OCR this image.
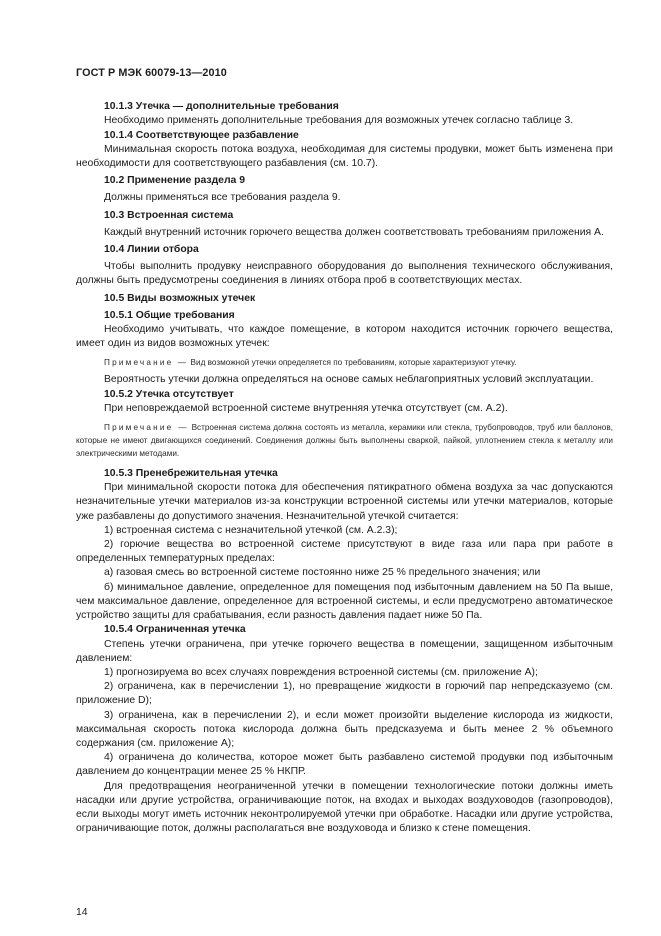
ГОСТ Р МЭК 60079-13—2010

10.1.3 Утечка — дополнительные требования

Необходимо применять дополнительные требования для возможных утечек согласно таблице 3.

10.1.4 Соответствующее разбавление

Минимальная скорость потока воздуха, необходимая для системы продувки, может быть изменена при необходимости для соответствующего разбавления (см. 10.7).

10.2 Применение раздела 9

Должны применяться все требования раздела 9.

10.3 Встроенная система

Каждый внутренний источник горючего вещества должен соответствовать требованиям приложения А.

10.4 Линии отбора

Чтобы выполнить продувку неисправного оборудования до выполнения технического обслуживания, должны быть предусмотрены соединения в линиях отбора проб в соответствующих местах.

10.5 Виды возможных утечек

10.5.1 Общие требования

Необходимо учитывать, что каждое помещение, в котором находится источник горючего вещества, имеет один из видов возможных утечек:

Примечание — Вид возможной утечки определяется по требованиям, которые характеризуют утечку.

Вероятность утечки должна определяться на основе самых неблагоприятных условий эксплуатации.

10.5.2 Утечка отсутствует

При неповреждаемой встроенной системе внутренняя утечка отсутствует (см. А.2).

Примечание — Встроенная система должна состоять из металла, керамики или стекла, трубопроводов, труб или баллонов, которые не имеют двигающихся соединений. Соединения должны быть выполнены сваркой, пайкой, уплотнением стекла к металлу или электрическими методами.

10.5.3 Пренебрежительная утечка

При минимальной скорости потока для обеспечения пятикратного обмена воздуха за час допускаются незначительные утечки материалов из-за конструкции встроенной системы или утечки материалов, которые уже разбавлены до допустимого значения. Незначительной утечкой считается:

1) встроенная система с незначительной утечкой (см. А.2.3);

2) горючие вещества во встроенной системе присутствуют в виде газа или пара при работе в определенных температурных пределах:

а) газовая смесь во встроенной системе постоянно ниже 25 % предельного значения; или

б) минимальное давление, определенное для помещения под избыточным давлением на 50 Па выше, чем максимальное давление, определенное для встроенной системы, и если предусмотрено автоматическое устройство защиты для срабатывания, если разность давления падает ниже 50 Па.

10.5.4 Ограниченная утечка

Степень утечки ограничена, при утечке горючего вещества в помещении, защищенном избыточным давлением:

1) прогнозируема во всех случаях повреждения встроенной системы (см. приложение А);

2) ограничена, как в перечислении 1), но превращение жидкости в горючий пар непредсказуемо (см. приложение D);

3) ограничена, как в перечислении 2), и если может произойти выделение кислорода из жидкости, максимальная скорость потока кислорода должна быть предсказуема и быть менее 2 % объемного содержания (см. приложение А);

4) ограничена до количества, которое может быть разбавлено системой продувки под избыточным давлением до концентрации менее 25 % НКПР.

Для предотвращения неограниченной утечки в помещении технологические потоки должны иметь насадки или другие устройства, ограничивающие поток, на входах и выходах воздуховодов (газопроводов), если выходы могут иметь источник неконтролируемой утечки при обработке. Насадки или другие устройства, ограничивающие поток, должны располагаться вне воздуховода и близко к стене помещения.

14
